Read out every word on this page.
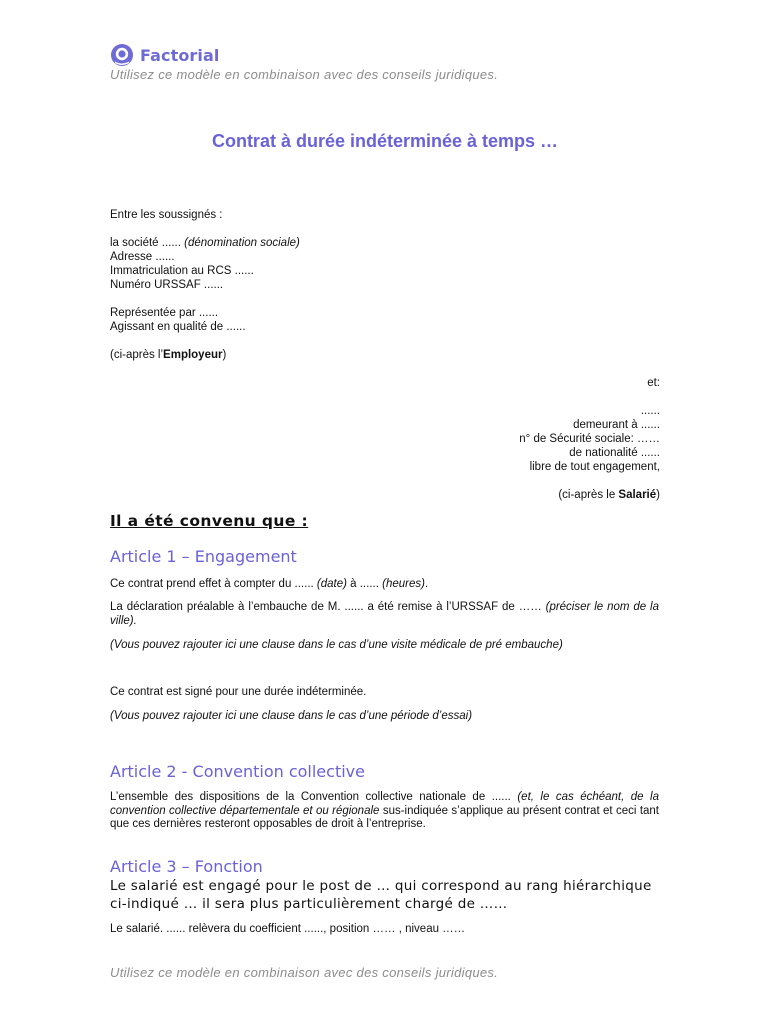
Factorial
Utilisez ce modèle en combinaison avec des conseils juridiques.
Contrat à durée indéterminée à temps …
Entre les soussignés :
la société ...... (dénomination sociale)
Adresse ......
Immatriculation au RCS ......
Numéro URSSAF ......
Représentée par ......
Agissant en qualité de ......
(ci-après l’Employeur)
et:
......
demeurant à ......
n° de Sécurité sociale: ……
de nationalité ......
libre de tout engagement,
(ci-après le Salarié)
Il a été convenu que :
Article 1 – Engagement
Ce contrat prend effet à compter du ...... (date) à ...... (heures).
La déclaration préalable à l’embauche de M. ...... a été remise à l’URSSAF de …… (préciser le nom de la ville).
(Vous pouvez rajouter ici une clause dans le cas d’une visite médicale de pré embauche)
Ce contrat est signé pour une durée indéterminée.
(Vous pouvez rajouter ici une clause dans le cas d’une période d’essai)
Article 2 - Convention collective
L’ensemble des dispositions de la Convention collective nationale de ...... (et, le cas échéant, de la convention collective départementale et ou régionale sus-indiquée s’applique au présent contrat et ceci tant que ces dernières resteront opposables de droit à l’entreprise.
Article 3 – Fonction
Le salarié est engagé pour le post de … qui correspond au rang hiérarchique ci-indiqué … il sera plus particulièrement chargé de ……
Le salarié. ...... relèvera du coefficient ......, position …… , niveau ……
Utilisez ce modèle en combinaison avec des conseils juridiques.
